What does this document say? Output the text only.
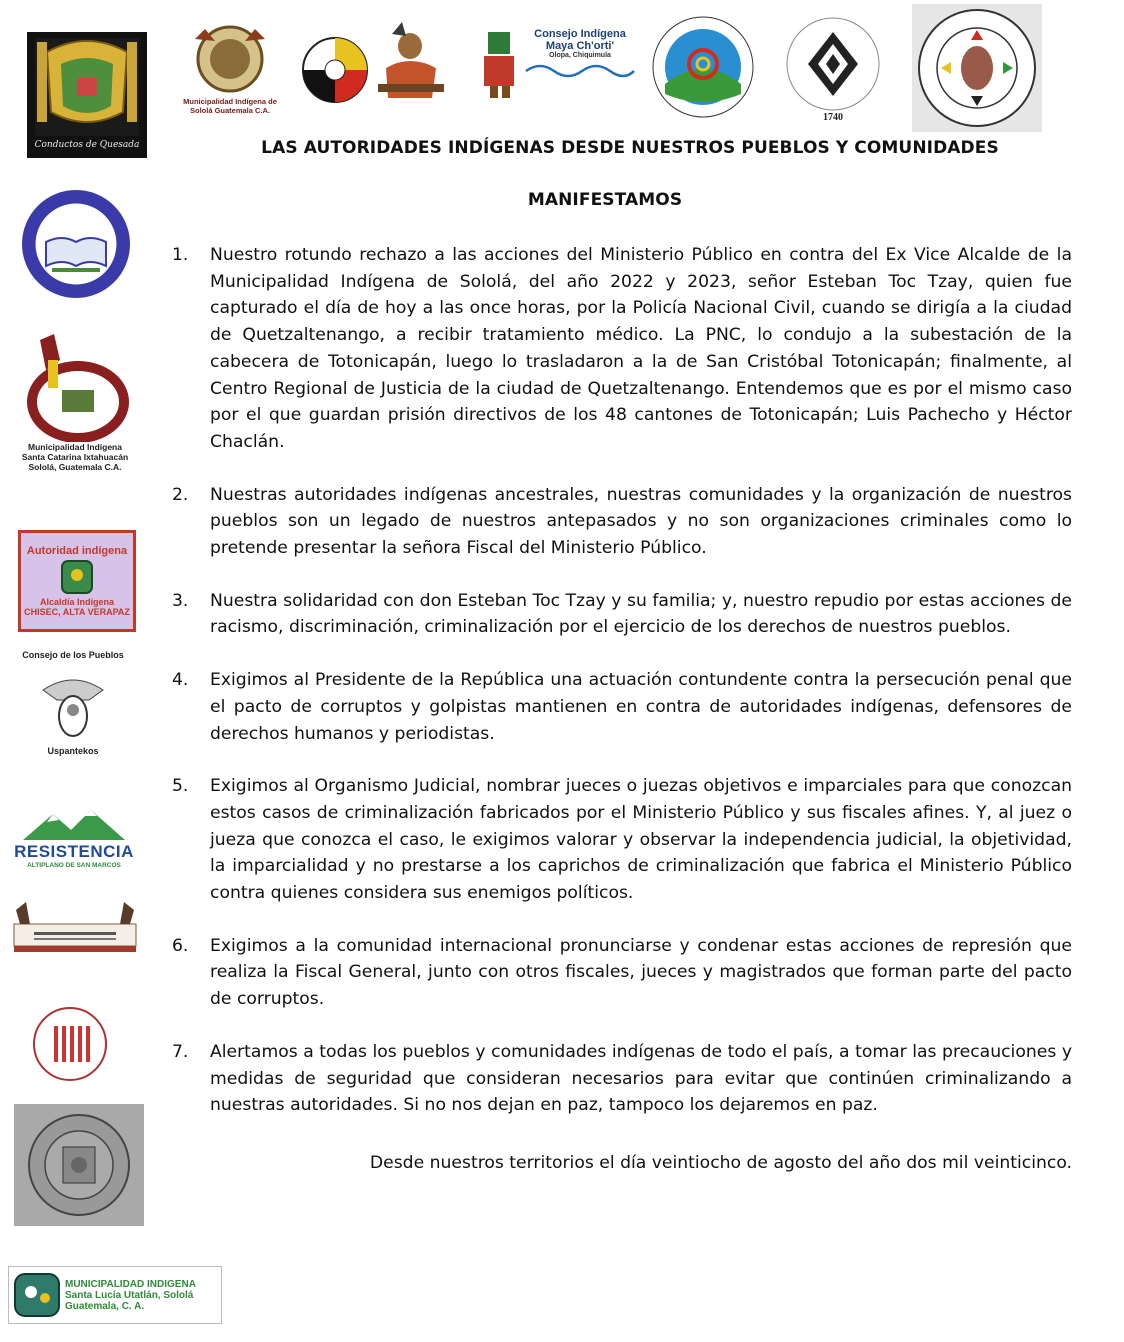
Conductos de Quesada
Municipalidad Indígena de
Sololá Guatemala C.A.
Consejo Indígena
Maya Ch'orti'
Olopa, Chiquimula
1740
LAS AUTORIDADES INDÍGENAS DESDE NUESTROS PUEBLOS Y COMUNIDADES
MANIFESTAMOS
Municipalidad Indígena
Santa Catarina Ixtahuacán
Sololá, Guatemala C.A.
Autoridad indígena
Alcaldía Indígena
CHISEC, ALTA VERAPAZ
Consejo de los Pueblos
Uspantekos
RESISTENCIA
ALTIPLANO DE SAN MARCOS
MUNICIPALIDAD INDIGENA
Santa Lucía Utatlán, Sololá
Guatemala, C. A.
1.	Nuestro rotundo rechazo a las acciones del Ministerio Público en contra del Ex Vice Alcalde de la Municipalidad Indígena de Sololá, del año 2022 y 2023, señor Esteban Toc Tzay, quien fue capturado el día de hoy a las once horas, por la Policía Nacional Civil, cuando se dirigía a la ciudad de Quetzaltenango, a recibir tratamiento médico. La PNC, lo condujo a la subestación de la cabecera de Totonicapán, luego lo trasladaron a la de San Cristóbal Totonicapán; finalmente, al Centro Regional de Justicia de la ciudad de Quetzaltenango. Entendemos que es por el mismo caso por el que guardan prisión directivos de los 48 cantones de Totonicapán; Luis Pachecho y Héctor Chaclán.
2.	Nuestras autoridades indígenas ancestrales, nuestras comunidades y la organización de nuestros pueblos son un legado de nuestros antepasados y no son organizaciones criminales como lo pretende presentar la señora Fiscal del Ministerio Público.
3.	Nuestra solidaridad con don Esteban Toc Tzay y su familia; y, nuestro repudio por estas acciones de racismo, discriminación, criminalización por el ejercicio de los derechos de nuestros pueblos.
4.	Exigimos al Presidente de la República una actuación contundente contra la persecución penal que el pacto de corruptos y golpistas mantienen en contra de autoridades indígenas, defensores de derechos humanos y periodistas.
5.	Exigimos al Organismo Judicial, nombrar jueces o juezas objetivos e imparciales para que conozcan estos casos de criminalización fabricados por el Ministerio Público y sus fiscales afines. Y, al juez o jueza que conozca el caso, le exigimos valorar y observar la independencia judicial, la objetividad, la imparcialidad y no prestarse a los caprichos de criminalización que fabrica el Ministerio Público contra quienes considera sus enemigos políticos.
6.	Exigimos a la comunidad internacional pronunciarse y condenar estas acciones de represión que realiza la Fiscal General, junto con otros fiscales, jueces y magistrados que forman parte del pacto de corruptos.
7.	Alertamos a todas los pueblos y comunidades indígenas de todo el país, a tomar las precauciones y medidas de seguridad que consideran necesarios para evitar que continúen criminalizando a nuestras autoridades. Si no nos dejan en paz, tampoco los dejaremos en paz.
Desde nuestros territorios el día veintiocho de agosto del año dos mil veinticinco.
